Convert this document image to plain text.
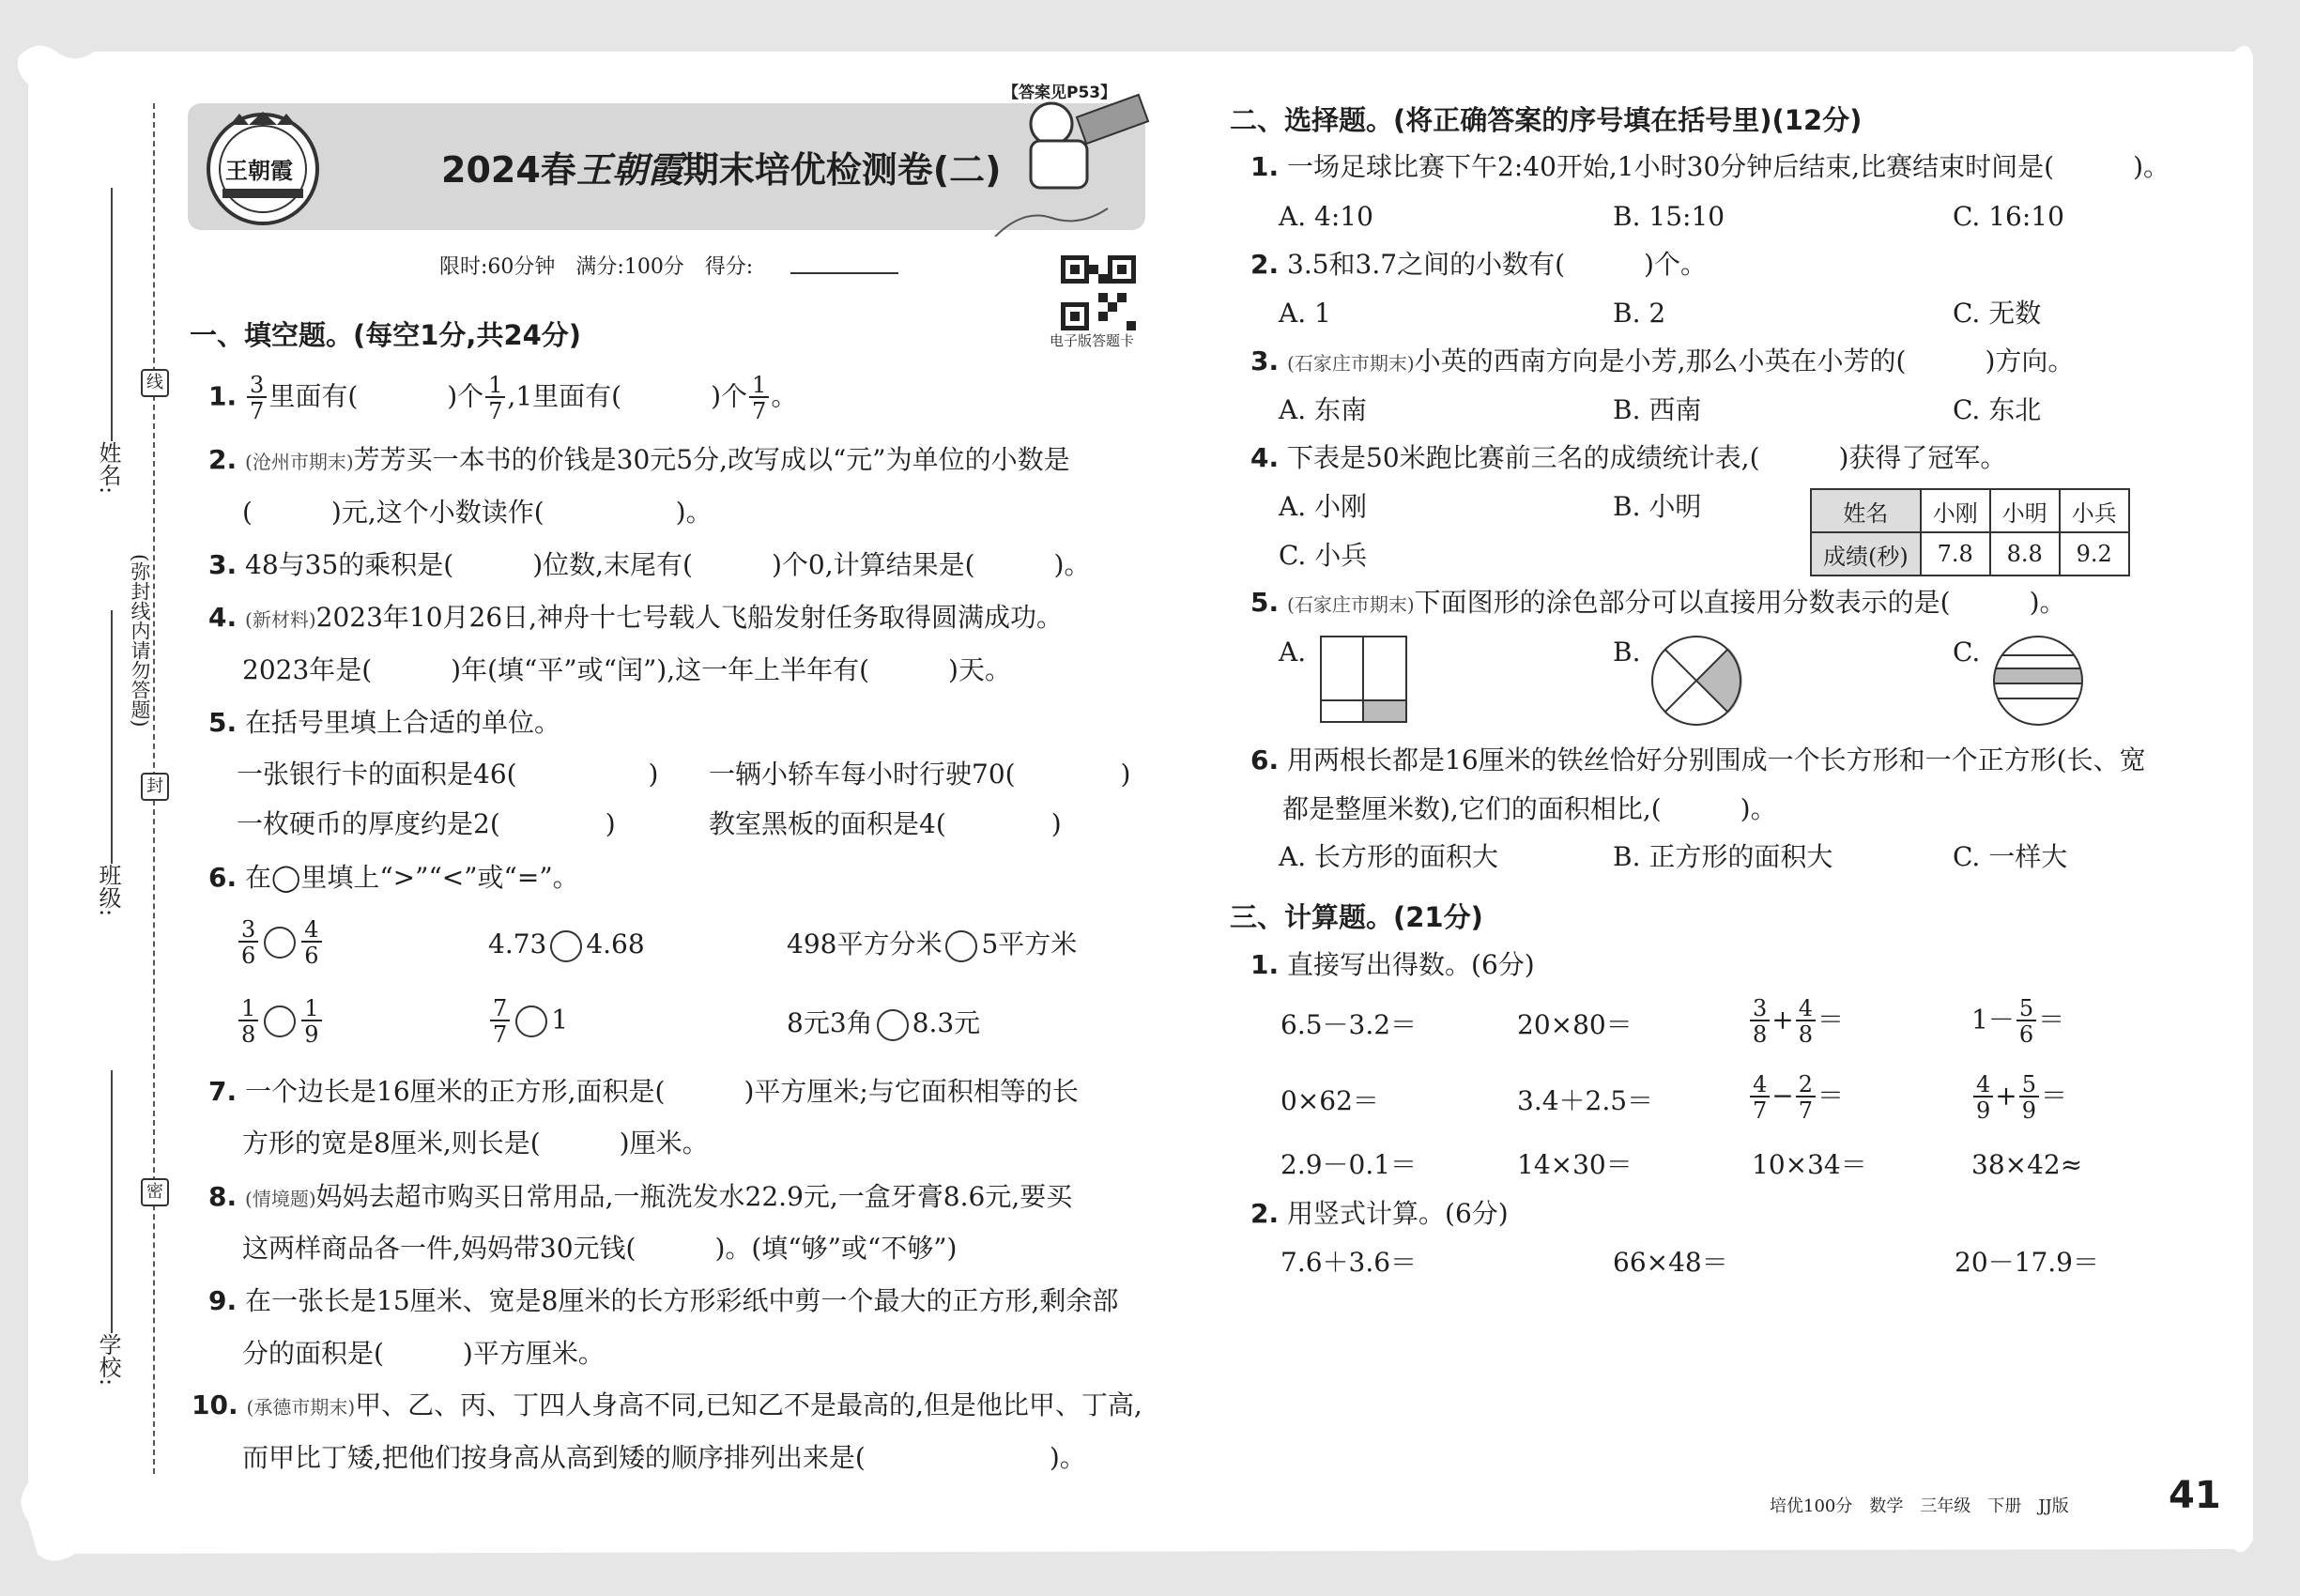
姓名:
班级:
学校:
(弥封线内请勿答题)
线
封
密
【答案见P53】
王朝霞	2024春王朝霞期末培优检测卷(二)
限时:60分钟　满分:100分　得分:
电子版答题卡
一、填空题。(每空1分,共24分)
1. $\frac{3}{7}$ 里面有(	)个 $\frac{1}{7} ,1$里面有(	)个 $\frac{1}{7}$ 。
2. (沧州市期末)芳芳买一本书的价钱是30元5分,改写成以“元”为单位的小数是
(　　　)元,这个小数读作(　　　　　)。
3. 48与35的乘积是(　　　)位数,末尾有(　　　)个0,计算结果是(　　　)。
4. (新材料)2023年10月26日,神舟十七号载人飞船发射任务取得圆满成功。
2023年是(　　　)年(填“平”或“闰”),这一年上半年有(　　　)天。
5. 在括号里填上合适的单位。
一张银行卡的面积是46(　　　　　) 一辆小轿车每小时行驶70(　　　　)
一枚硬币的厚度约是2(　　　　)	教室黑板的面积是4(　　　　)
6. 在◯里填上“>”“<”或“=”。
$\frac{3}{6} \frac{4}{6}$	4.73 4.68	498平方分米 5平方米
$\frac{1}{8} \frac{1}{9}$	$\frac{7}{7} 1$	8元3角 8.3元
7. 一个边长是16厘米的正方形,面积是(　　　)平方厘米;与它面积相等的长
方形的宽是8厘米,则长是(　　　)厘米。
8. (情境题)妈妈去超市购买日常用品,一瓶洗发水22.9元,一盒牙膏8.6元,要买
这两样商品各一件,妈妈带30元钱(　　　)。(填“够”或“不够”)
9. 在一张长是15厘米、宽是8厘米的长方形彩纸中剪一个最大的正方形,剩余部
分的面积是(　　　)平方厘米。
10. (承德市期末)甲、乙、丙、丁四人身高不同,已知乙不是最高的,但是他比甲、丁高,
而甲比丁矮,把他们按身高从高到矮的顺序排列出来是(　　　　　　　)。
二、选择题。(将正确答案的序号填在括号里)(12分)
1. 一场足球比赛下午2:40开始,1小时30分钟后结束,比赛结束时间是(　　　)。
A. 4:10	B. 15:10	C. 16:10
2. 3.5和3.7之间的小数有(　　　)个。
A. 1	B. 2	C. 无数
3. (石家庄市期末)小英的西南方向是小芳,那么小英在小芳的(　　　)方向。
A. 东南	B. 西南	C. 东北
4. 下表是50米跑比赛前三名的成绩统计表,(　　　)获得了冠军。
A. 小刚	B. 小明
C. 小兵
姓名	小刚	小明	小兵
成绩(秒)	7.8	8.8	9.2
5. (石家庄市期末)下面图形的涂色部分可以直接用分数表示的是(　　　)。
A.	B.	C.
6. 用两根长都是16厘米的铁丝恰好分别围成一个长方形和一个正方形(长、宽
都是整厘米数),它们的面积相比,(　　　)。
A. 长方形的面积大	B. 正方形的面积大	C. 一样大
三、计算题。(21分)
1. 直接写出得数。(6分)
6.5－3.2＝	20×80＝	$\frac{3}{8} + \frac{4}{8}$ ＝	$1- \frac{5}{6}$ ＝
0×62＝	3.4＋2.5＝	$\frac{4}{7} - \frac{2}{7}$ ＝	$\frac{4}{9} + \frac{5}{9}$ ＝
2.9－0.1＝	14×30＝	10×34＝	38×42≈
2. 用竖式计算。(6分)
7.6＋3.6＝	66×48＝	20－17.9＝
培优100分　数学　三年级　下册　JJ版	41
